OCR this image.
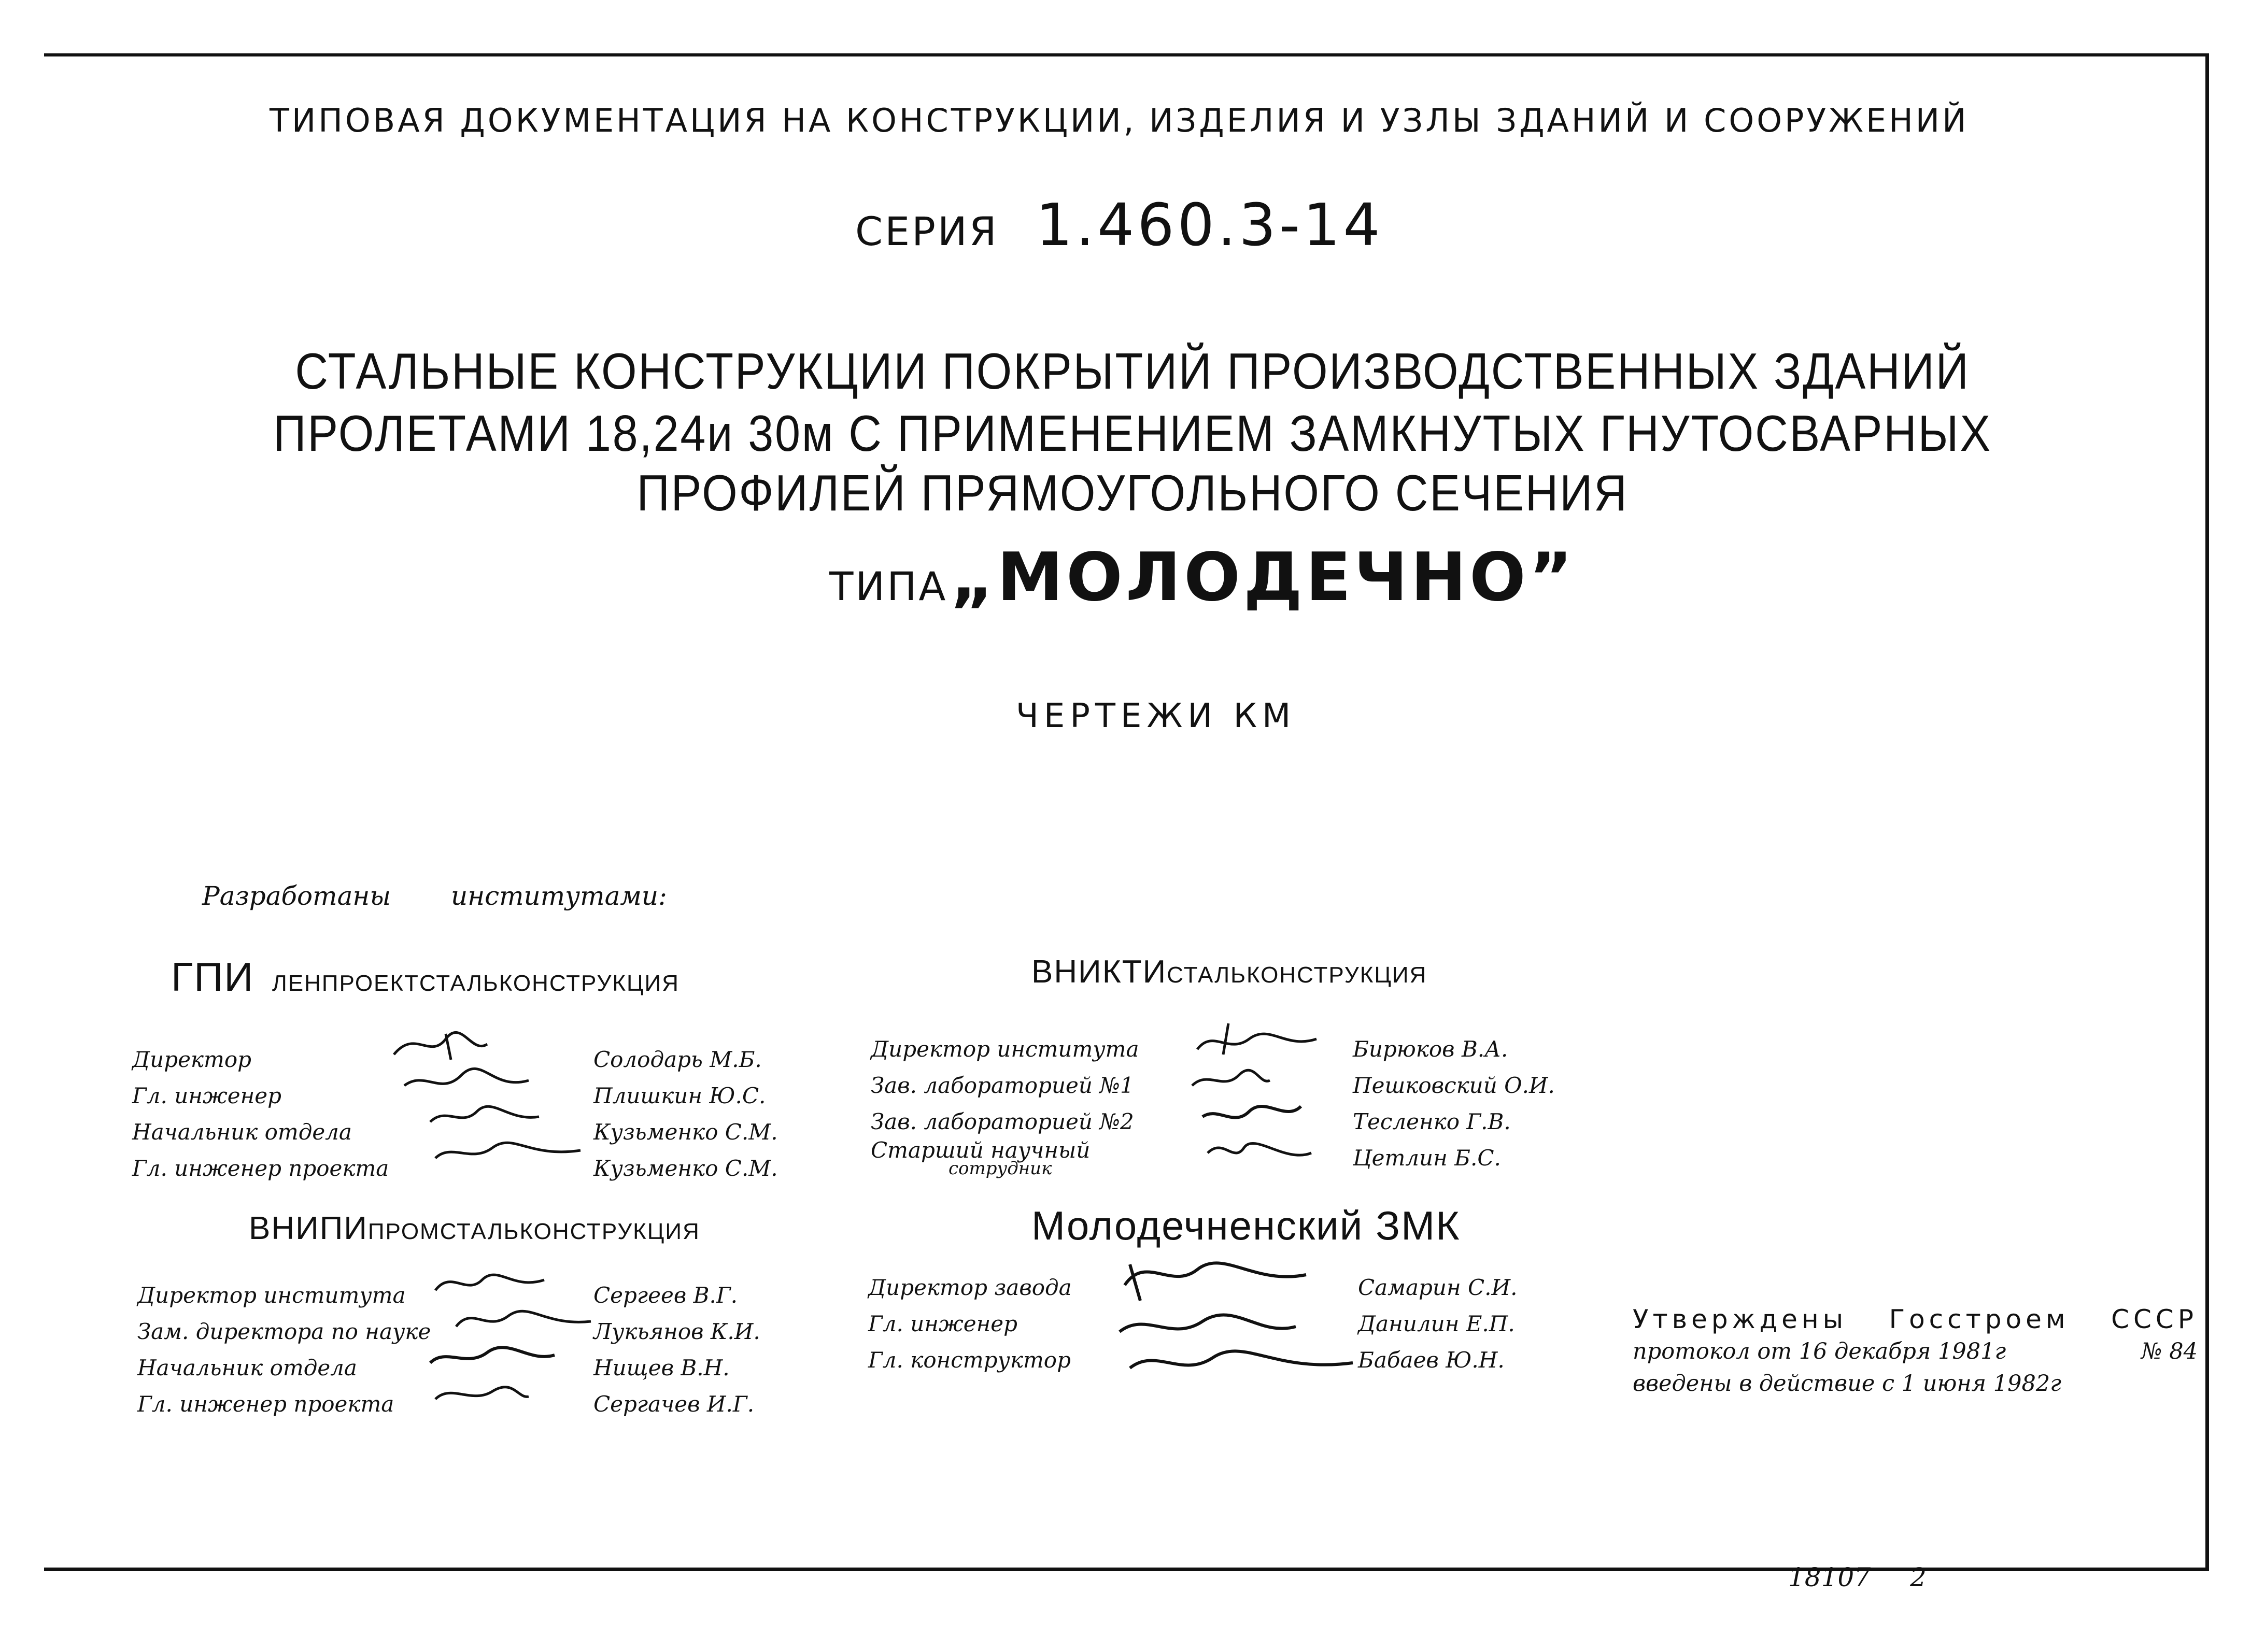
ТИПОВАЯ ДОКУМЕНТАЦИЯ НА КОНСТРУКЦИИ, ИЗДЕЛИЯ И УЗЛЫ ЗДАНИЙ И СООРУЖЕНИЙ
СЕРИЯ 1.460.3-14
СТАЛЬНЫЕ КОНСТРУКЦИИ ПОКРЫТИЙ ПРОИЗВОДСТВЕННЫХ ЗДАНИЙ
ПРОЛЕТАМИ 18,24и 30м С ПРИМЕНЕНИЕМ ЗАМКНУТЫХ ГНУТОСВАРНЫХ
ПРОФИЛЕЙ ПРЯМОУГОЛЬНОГО СЕЧЕНИЯ
ТИПА „МОЛОДЕЧНО”
ЧЕРТЕЖИ КМ
Разработаны институтами:
ГПИ ЛЕНПРОЕКТСТАЛЬКОНСТРУКЦИЯ
Директор
Гл. инженер
Начальник отдела
Гл. инженер проекта
Солодарь М.Б.
Плишкин Ю.С.
Кузьменко С.М.
Кузьменко С.М.
ВНИКТИСТАЛЬКОНСТРУКЦИЯ
Директор института
Зав. лабораторией №1
Зав. лабораторией №2
Старший научный
сотрудник
Бирюков В.А.
Пешковский О.И.
Тесленко Г.В.
Цетлин Б.С.
ВНИПИПРОМСТАЛЬКОНСТРУКЦИЯ
Директор института
Зам. директора по науке
Начальник отдела
Гл. инженер проекта
Сергеев В.Г.
Лукьянов К.И.
Нищев В.Н.
Сергачев И.Г.
Молодечненский ЗМК
Директор завода
Гл. инженер
Гл. конструктор
Самарин С.И.
Данилин Е.П.
Бабаев Ю.Н.
Утверждены Госстроем СССР
протокол от 16 декабря 1981г	№ 84
введены в действие с 1 июня 1982г
18107 2
